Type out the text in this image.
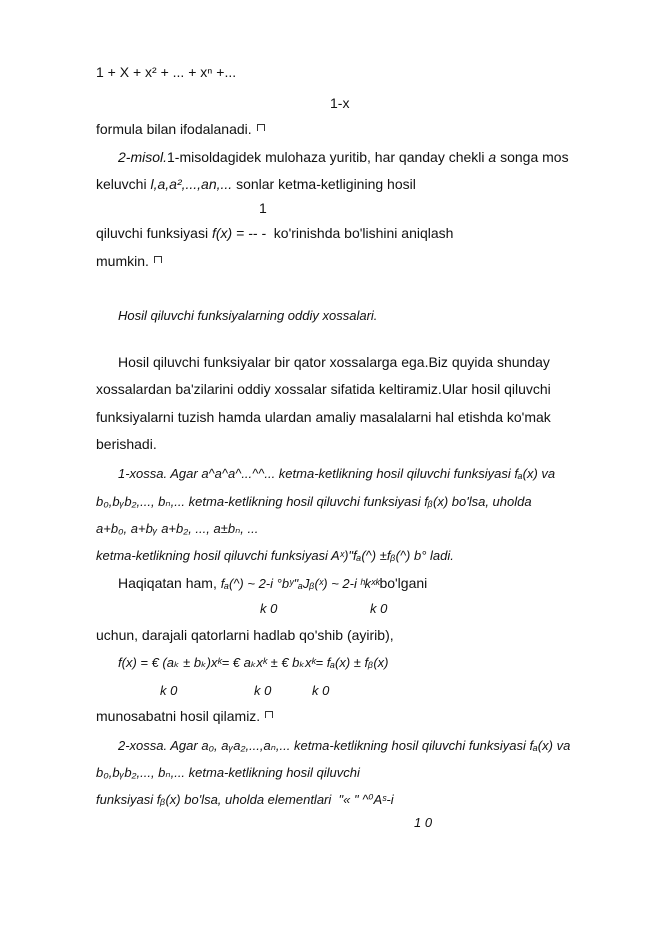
1 + X + x² + ... + xⁿ +...
1-x
formula bilan ifodalanadi.
2-misol.1-misoldagidek mulohaza yuritib, har qanday chekli a songa mos
keluvchi l,a,a²,...,an,... sonlar ketma-ketligining hosil
1
qiluvchi funksiyasi f(x) = -- - ko'rinishda bo'lishini aniqlash
mumkin.
Hosil qiluvchi funksiyalarning oddiy xossalari.
Hosil qiluvchi funksiyalar bir qator xossalarga ega.Biz quyida shunday
xossalardan ba'zilarini oddiy xossalar sifatida keltiramiz.Ular hosil qiluvchi
funksiyalarni tuzish hamda ulardan amaliy masalalarni hal etishda ko'mak
berishadi.
1-xossa. Agar a^a^a^...^^... ketma-ketlikning hosil qiluvchi funksiyasi fₐ(x) va
b₀,bᵧb₂,..., bₙ,... ketma-ketlikning hosil qiluvchi funksiyasi fᵦ(x) bo'lsa, uholda
a+b₀, a+bᵧ a+b₂, ..., a±bₙ, ...
ketma-ketlikning hosil qiluvchi funksiyasi Aˣ)"fₐ(^) ±fᵦ(^) b° ladi.
Haqiqatan ham, fₐ(^) ~ 2-i °bʸ"ₐJᵦ(ˣ) ~ 2-i ʰkˣᵏbo'lgani
k 0	k 0
uchun, darajali qatorlarni hadlab qo'shib (ayirib),
f(x) = € (aₖ ± bₖ)xᵏ= € aₖxᵏ ± € bₖxᵏ= fₐ(x) ± fᵦ(x)
k 0	k 0	k 0
munosabatni hosil qilamiz.
2-xossa. Agar a₀, aᵧa₂,...,aₙ,... ketma-ketlikning hosil qiluvchi funksiyasi fₐ(x) va
b₀,bᵧb₂,..., bₙ,... ketma-ketlikning hosil qiluvchi
funksiyasi fᵦ(x) bo'lsa, uholda elementlari "« " ^⁰Aˢ-i
1 0
